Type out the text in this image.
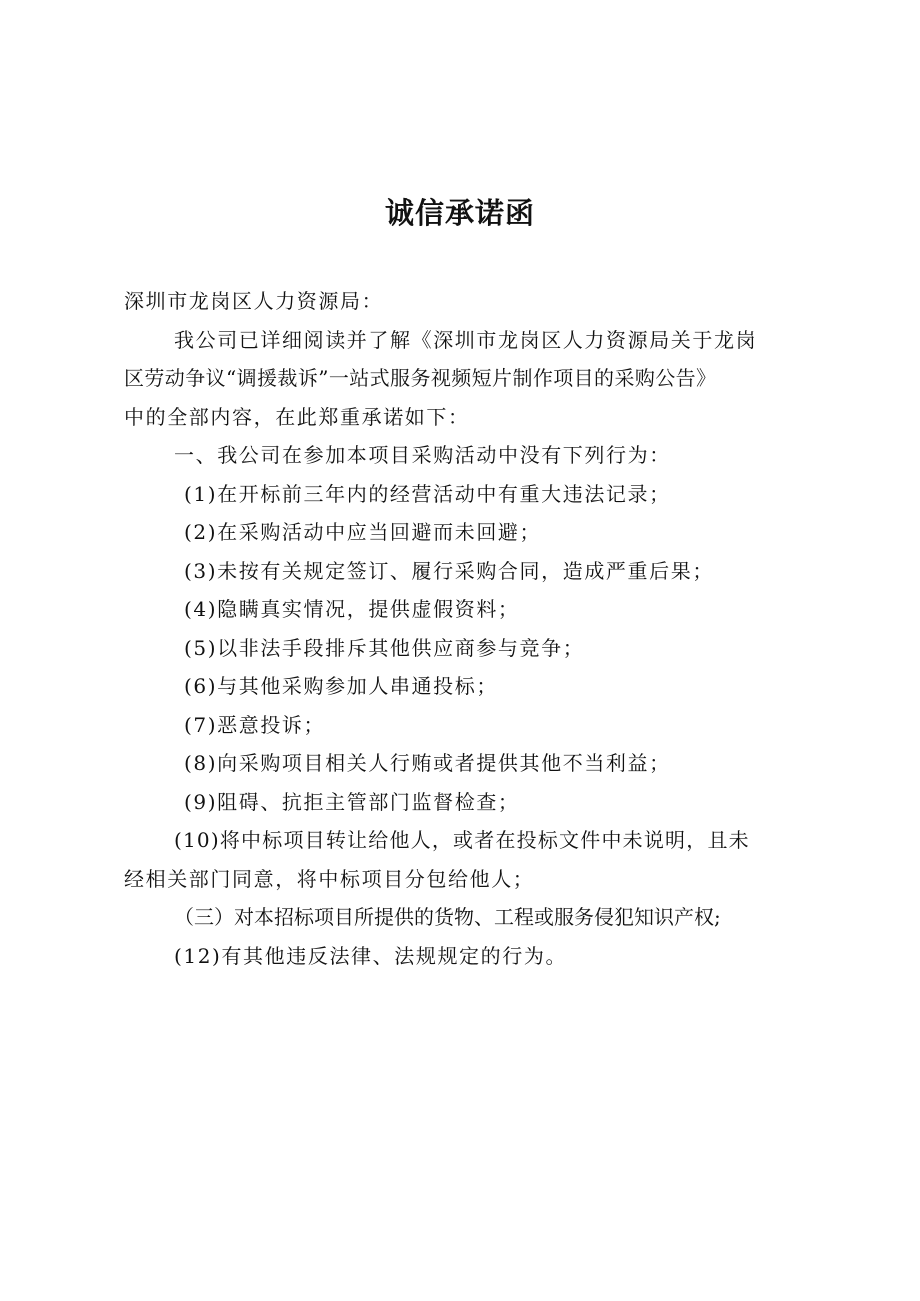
诚信承诺函
深圳市龙岗区人力资源局：
我公司已详细阅读并了解《深圳市龙岗区人力资源局关于龙岗
区劳动争议“调援裁诉”一站式服务视频短片制作项目的采购公告》
中的全部内容，在此郑重承诺如下：
一、我公司在参加本项目采购活动中没有下列行为：
(1)在开标前三年内的经营活动中有重大违法记录；
(2)在采购活动中应当回避而未回避；
(3)未按有关规定签订、履行采购合同，造成严重后果；
(4)隐瞒真实情况，提供虚假资料；
(5)以非法手段排斥其他供应商参与竞争；
(6)与其他采购参加人串通投标；
(7)恶意投诉；
(8)向采购项目相关人行贿或者提供其他不当利益；
(9)阻碍、抗拒主管部门监督检查；
(10)将中标项目转让给他人，或者在投标文件中未说明，且未
经相关部门同意，将中标项目分包给他人；
（三）对本招标项目所提供的货物、工程或服务侵犯知识产权;
(12)有其他违反法律、法规规定的行为。
